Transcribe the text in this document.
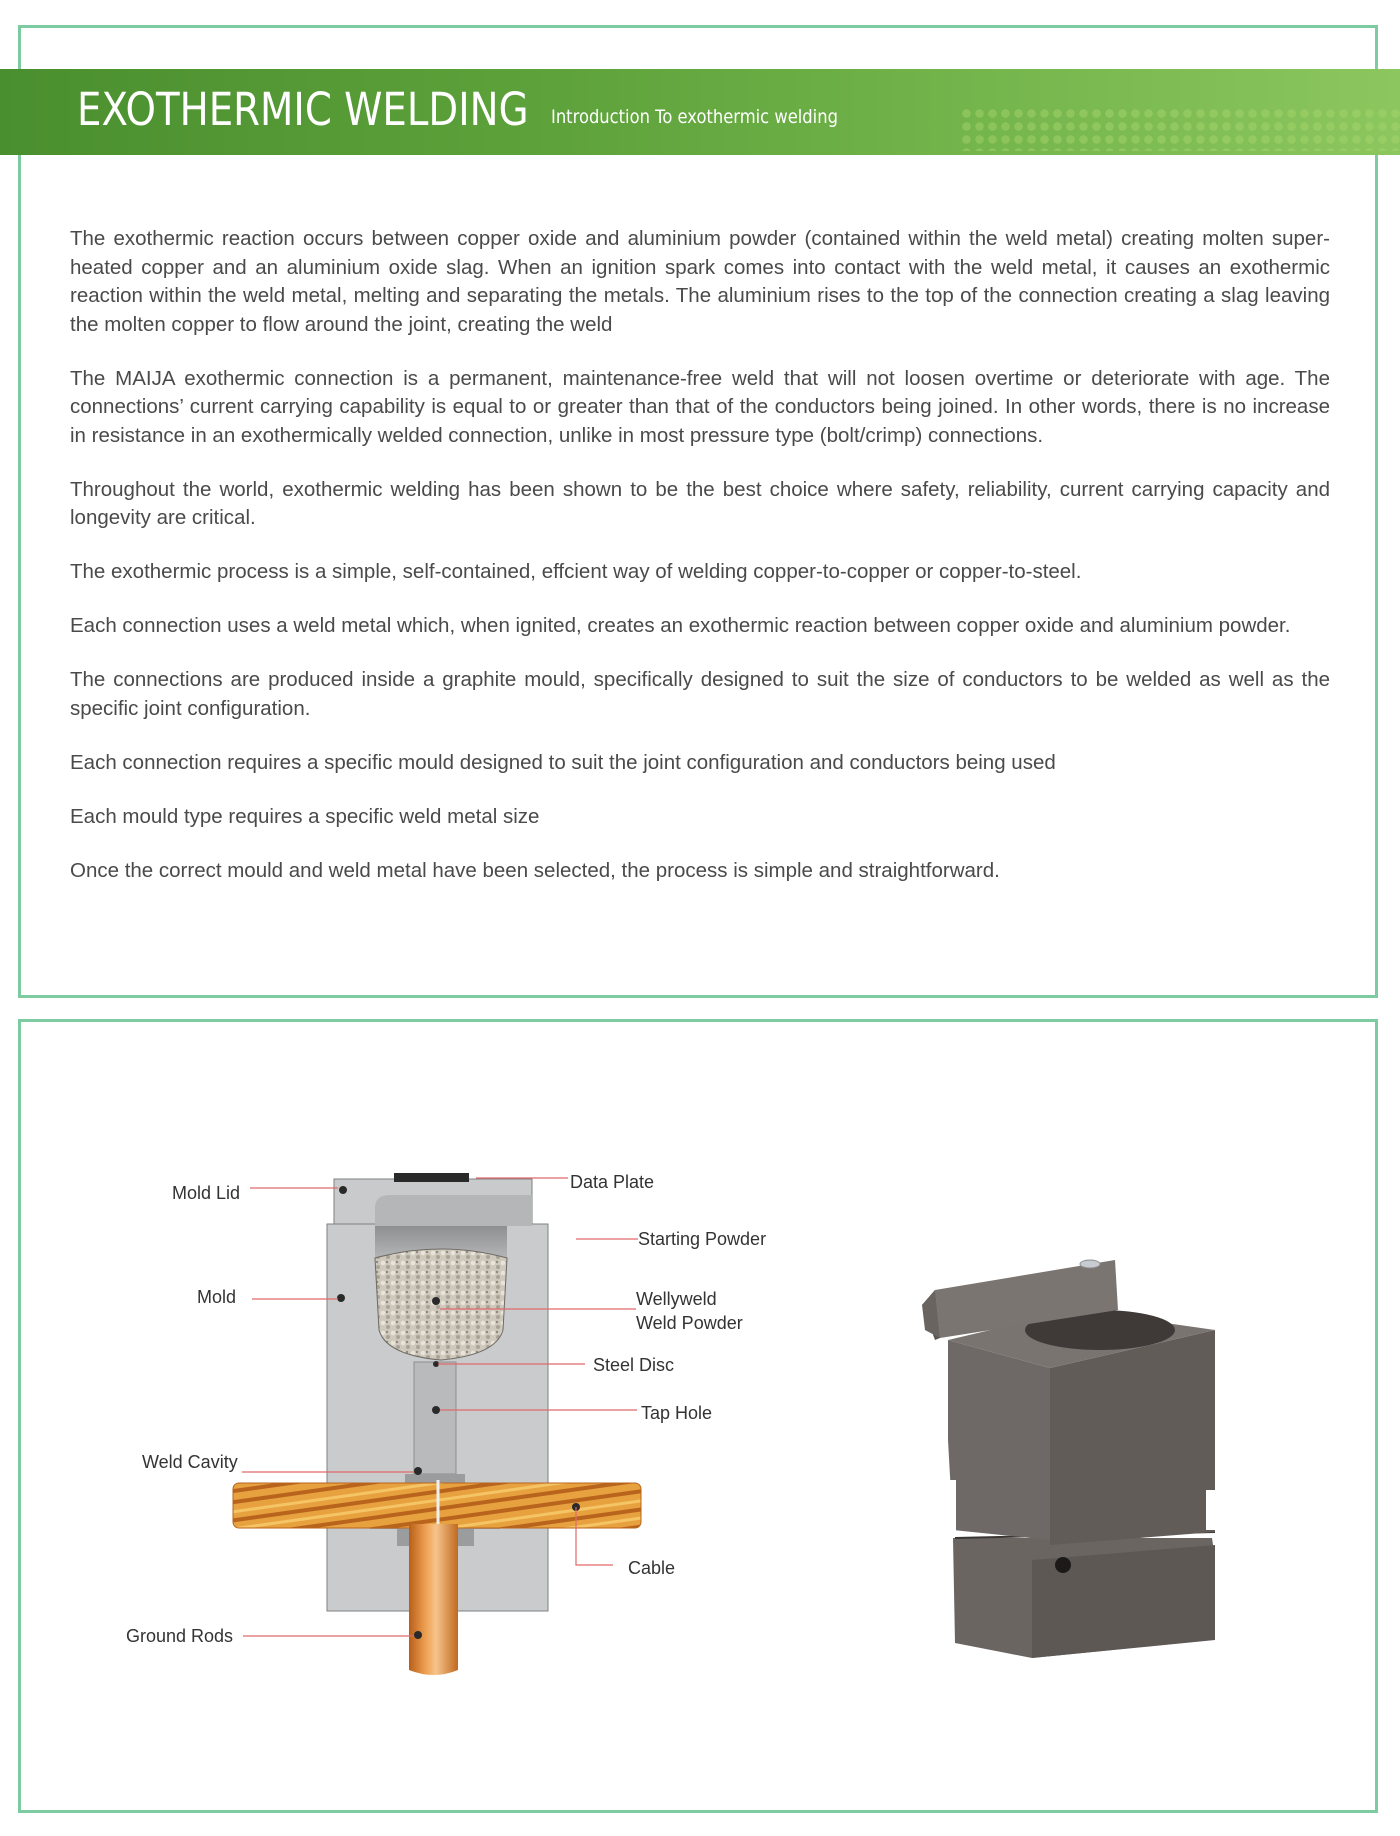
EXOTHERMIC WELDING Introduction To exothermic welding

The exothermic reaction occurs between copper oxide and aluminium powder (contained within the weld metal) creating molten super-heated copper and an aluminium oxide slag. When an ignition spark comes into contact with the weld metal, it causes an exothermic reaction within the weld metal, melting and separating the metals. The aluminium rises to the top of the connection creating a slag leaving the molten copper to flow around the joint, creating the weld

The MAIJA exothermic connection is a permanent, maintenance-free weld that will not loosen overtime or deteriorate with age. The connections’ current carrying capability is equal to or greater than that of the conductors being joined. In other words, there is no increase in resistance in an exothermically welded connection, unlike in most pressure type (bolt/crimp) connections.

Throughout the world, exothermic welding has been shown to be the best choice where safety, reliability, current carrying capacity and longevity are critical.

The exothermic process is a simple, self-contained, effcient way of welding copper-to-copper or copper-to-steel.

Each connection uses a weld metal which, when ignited, creates an exothermic reaction between copper oxide and aluminium powder.

The connections are produced inside a graphite mould, specifically designed to suit the size of conductors to be welded as well as the specific joint configuration.

Each connection requires a specific mould designed to suit the joint configuration and conductors being used

Each mould type requires a specific weld metal size

Once the correct mould and weld metal have been selected, the process is simple and straightforward.

Mold Lid
Data Plate
Starting Powder
Mold	Wellyweld
Weld Powder
Steel Disc
Tap Hole
Weld Cavity
Cable
Ground Rods
